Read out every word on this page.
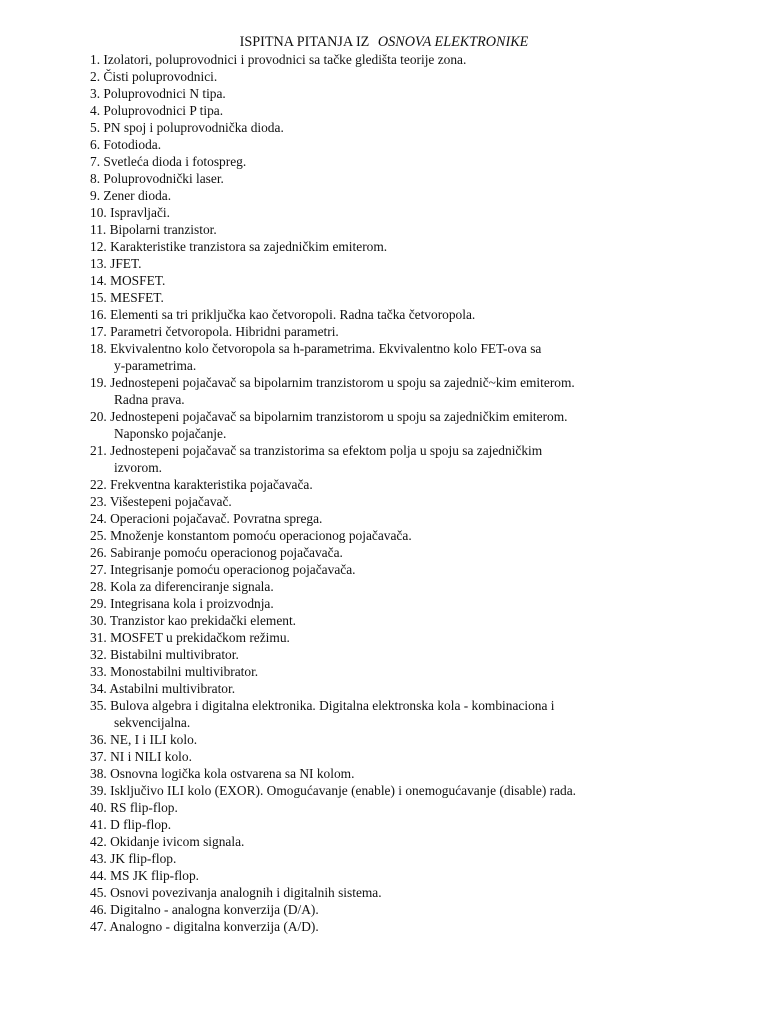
ISPITNA PITANJA IZ OSNOVA ELEKTRONIKE
1. Izolatori, poluprovodnici i provodnici sa tačke gledišta teorije zona.
2. Čisti poluprovodnici.
3. Poluprovodnici N tipa.
4. Poluprovodnici P tipa.
5. PN spoj i poluprovodnička dioda.
6. Fotodioda.
7. Svetleća dioda i fotospreg.
8. Poluprovodnički laser.
9. Zener dioda.
10. Ispravljači.
11. Bipolarni tranzistor.
12. Karakteristike tranzistora sa zajedničkim emiterom.
13. JFET.
14. MOSFET.
15. MESFET.
16. Elementi sa tri priključka kao četvoropoli. Radna tačka četvoropola.
17. Parametri četvoropola. Hibridni parametri.
18. Ekvivalentno kolo četvoropola sa h-parametrima. Ekvivalentno kolo FET-ova sa
y-parametrima.
19. Jednostepeni pojačavač sa bipolarnim tranzistorom u spoju sa zajednič~kim emiterom.
Radna prava.
20. Jednostepeni pojačavač sa bipolarnim tranzistorom u spoju sa zajedničkim emiterom.
Naponsko pojačanje.
21. Jednostepeni pojačavač sa tranzistorima sa efektom polja u spoju sa zajedničkim
izvorom.
22. Frekventna karakteristika pojačavača.
23. Višestepeni pojačavač.
24. Operacioni pojačavač. Povratna sprega.
25. Množenje konstantom pomoću operacionog pojačavača.
26. Sabiranje pomoću operacionog pojačavača.
27. Integrisanje pomoću operacionog pojačavača.
28. Kola za diferenciranje signala.
29. Integrisana kola i proizvodnja.
30. Tranzistor kao prekidački element.
31. MOSFET u prekidačkom režimu.
32. Bistabilni multivibrator.
33. Monostabilni multivibrator.
34. Astabilni multivibrator.
35. Bulova algebra i digitalna elektronika. Digitalna elektronska kola - kombinaciona i
sekvencijalna.
36. NE, I i ILI kolo.
37. NI i NILI kolo.
38. Osnovna logička kola ostvarena sa NI kolom.
39. Isključivo ILI kolo (EXOR). Omogućavanje (enable) i onemogućavanje (disable) rada.
40. RS flip-flop.
41. D flip-flop.
42. Okidanje ivicom signala.
43. JK flip-flop.
44. MS JK flip-flop.
45. Osnovi povezivanja analognih i digitalnih sistema.
46. Digitalno - analogna konverzija (D/A).
47. Analogno - digitalna konverzija (A/D).
